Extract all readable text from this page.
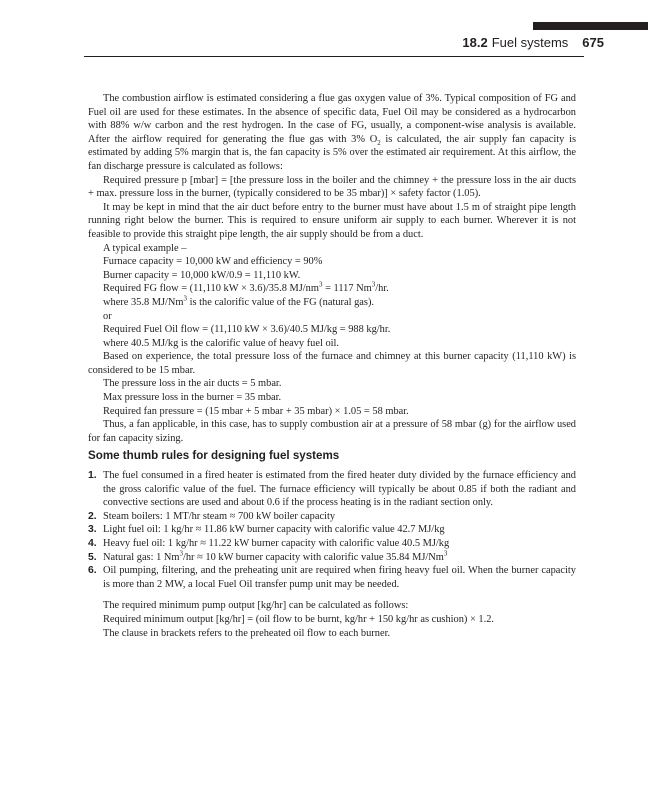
18.2 Fuel systems 675

The combustion airflow is estimated considering a flue gas oxygen value of 3%. Typical composition of FG and Fuel oil are used for these estimates. In the absence of specific data, Fuel Oil may be considered as a hydrocarbon with 88% w/w carbon and the rest hydrogen. In the case of FG, usually, a component-wise analysis is available. After the airflow required for generating the flue gas with 3% $O_2$ is calculated, the air supply fan capacity is estimated by adding 5% margin that is, the fan capacity is 5% over the estimated air requirement. At this airflow, the fan discharge pressure is calculated as follows:

Required pressure p [mbar] = [the pressure loss in the boiler and the chimney + the pressure loss in the air ducts + max. pressure loss in the burner, (typically considered to be 35 mbar)] × safety factor (1.05).

It may be kept in mind that the air duct before entry to the burner must have about 1.5 m of straight pipe length running right below the burner. This is required to ensure uniform air supply to each burner. Wherever it is not feasible to provide this straight pipe length, the air supply should be from a duct.

A typical example –

Furnace capacity = 10,000 kW and efficiency = 90%

Burner capacity = 10,000 kW/0.9 = 11,110 kW.

Required FG flow = (11,110 kW × 3.6)/35.8 $MJ/nm^3 = 1117$ Nm$^3$/hr.

where 35.8 MJ/Nm$^3$ is the calorific value of the FG (natural gas).

or

Required Fuel Oil flow = (11,110 kW × 3.6)/40.5 MJ/kg = 988 kg/hr.

where 40.5 MJ/kg is the calorific value of heavy fuel oil.

Based on experience, the total pressure loss of the furnace and chimney at this burner capacity (11,110 kW) is considered to be 15 mbar.

The pressure loss in the air ducts = 5 mbar.

Max pressure loss in the burner = 35 mbar.

Required fan pressure = (15 mbar + 5 mbar + 35 mbar) × 1.05 = 58 mbar.

Thus, a fan applicable, in this case, has to supply combustion air at a pressure of 58 mbar (g) for the airflow used for fan capacity sizing.

Some thumb rules for designing fuel systems
1. The fuel consumed in a fired heater is estimated from the fired heater duty divided by the furnace efficiency and the gross calorific value of the fuel. The furnace efficiency will typically be about 0.85 if both the radiant and convective sections are used and about 0.6 if the process heating is in the radiant section only.
2. Steam boilers: 1 MT/hr steam ≈ 700 kW boiler capacity
3. Light fuel oil: 1 kg/hr ≈ 11.86 kW burner capacity with calorific value 42.7 MJ/kg
4. Heavy fuel oil: 1 kg/hr ≈ 11.22 kW burner capacity with calorific value 40.5 MJ/kg
5. Natural gas: 1 $Nm^3/hr \approx 10$ kW burner capacity with calorific value 35.84 MJ/Nm$^3$
6. Oil pumping, filtering, and the preheating unit are required when firing heavy fuel oil. When the burner capacity is more than 2 MW, a local Fuel Oil transfer pump unit may be needed.

The required minimum pump output [kg/hr] can be calculated as follows:

Required minimum output [kg/hr] = (oil flow to be burnt, kg/hr + 150 kg/hr as cushion) × 1.2.

The clause in brackets refers to the preheated oil flow to each burner.
